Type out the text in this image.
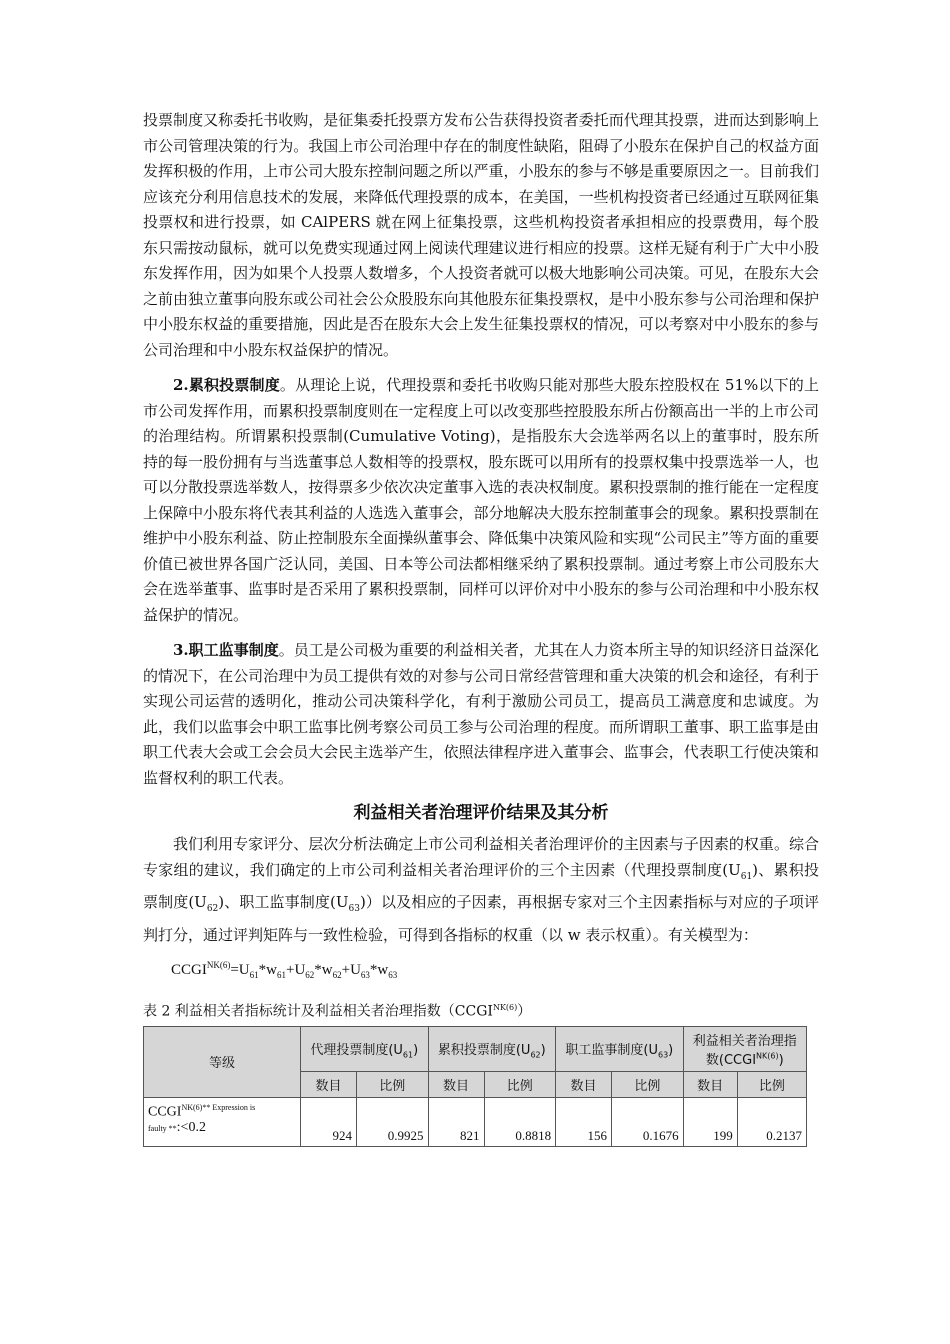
投票制度又称委托书收购，是征集委托投票方发布公告获得投资者委托而代理其投票，进而达到影响上市公司管理决策的行为。我国上市公司治理中存在的制度性缺陷，阻碍了小股东在保护自己的权益方面发挥积极的作用，上市公司大股东控制问题之所以严重，小股东的参与不够是重要原因之一。目前我们应该充分利用信息技术的发展，来降低代理投票的成本，在美国，一些机构投资者已经通过互联网征集投票权和进行投票，如 CAlPERS 就在网上征集投票，这些机构投资者承担相应的投票费用，每个股东只需按动鼠标，就可以免费实现通过网上阅读代理建议进行相应的投票。这样无疑有利于广大中小股东发挥作用，因为如果个人投票人数增多，个人投资者就可以极大地影响公司决策。可见，在股东大会之前由独立董事向股东或公司社会公众股股东向其他股东征集投票权，是中小股东参与公司治理和保护中小股东权益的重要措施，因此是否在股东大会上发生征集投票权的情况，可以考察对中小股东的参与公司治理和中小股东权益保护的情况。

2.累积投票制度。从理论上说，代理投票和委托书收购只能对那些大股东控股权在 51%以下的上市公司发挥作用，而累积投票制度则在一定程度上可以改变那些控股股东所占份额高出一半的上市公司的治理结构。所谓累积投票制(Cumulative Voting)，是指股东大会选举两名以上的董事时，股东所持的每一股份拥有与当选董事总人数相等的投票权，股东既可以用所有的投票权集中投票选举一人，也可以分散投票选举数人，按得票多少依次决定董事入选的表决权制度。累积投票制的推行能在一定程度上保障中小股东将代表其利益的人选选入董事会，部分地解决大股东控制董事会的现象。累积投票制在维护中小股东利益、防止控制股东全面操纵董事会、降低集中决策风险和实现“公司民主”等方面的重要价值已被世界各国广泛认同，美国、日本等公司法都相继采纳了累积投票制。通过考察上市公司股东大会在选举董事、监事时是否采用了累积投票制，同样可以评价对中小股东的参与公司治理和中小股东权益保护的情况。

3.职工监事制度。员工是公司极为重要的利益相关者，尤其在人力资本所主导的知识经济日益深化的情况下，在公司治理中为员工提供有效的对参与公司日常经营管理和重大决策的机会和途径，有利于实现公司运营的透明化，推动公司决策科学化，有利于激励公司员工，提高员工满意度和忠诚度。为此，我们以监事会中职工监事比例考察公司员工参与公司治理的程度。而所谓职工董事、职工监事是由职工代表大会或工会会员大会民主选举产生，依照法律程序进入董事会、监事会，代表职工行使决策和监督权利的职工代表。

利益相关者治理评价结果及其分析

我们利用专家评分、层次分析法确定上市公司利益相关者治理评价的主因素与子因素的权重。综合专家组的建议，我们确定的上市公司利益相关者治理评价的三个主因素（代理投票制度$(U_{61})$、累积投票制度$(U_{62})$、职工监事制度$(U_{63})$）以及相应的子因素，再根据专家对三个主因素指标与对应的子项评判打分，通过评判矩阵与一致性检验，可得到各指标的权重（以 w 表示权重）。有关模型为：

$CCGI^{NK(6)}=U_{61}*w_{61}+U_{62}*w_{62}+U_{63}*w_{63}$
表 2 利益相关者指标统计及利益相关者治理指数$(CCGI^{NK(6)})$
等级	代理投票制度$(U_{61})$		累积投票制度$(U_{62})$		职工监事制度$(U_{63})$		利益相关者治理指
数$(CCGI^{NK(6)})$	
	数目	比例	数目	比例	数目	比例	数目	比例
$CCGI^{NK(6)** Expression is}$
faulty **:<0.2	924	0.9925	821	0.8818	156	0.1676	199	0.2137
